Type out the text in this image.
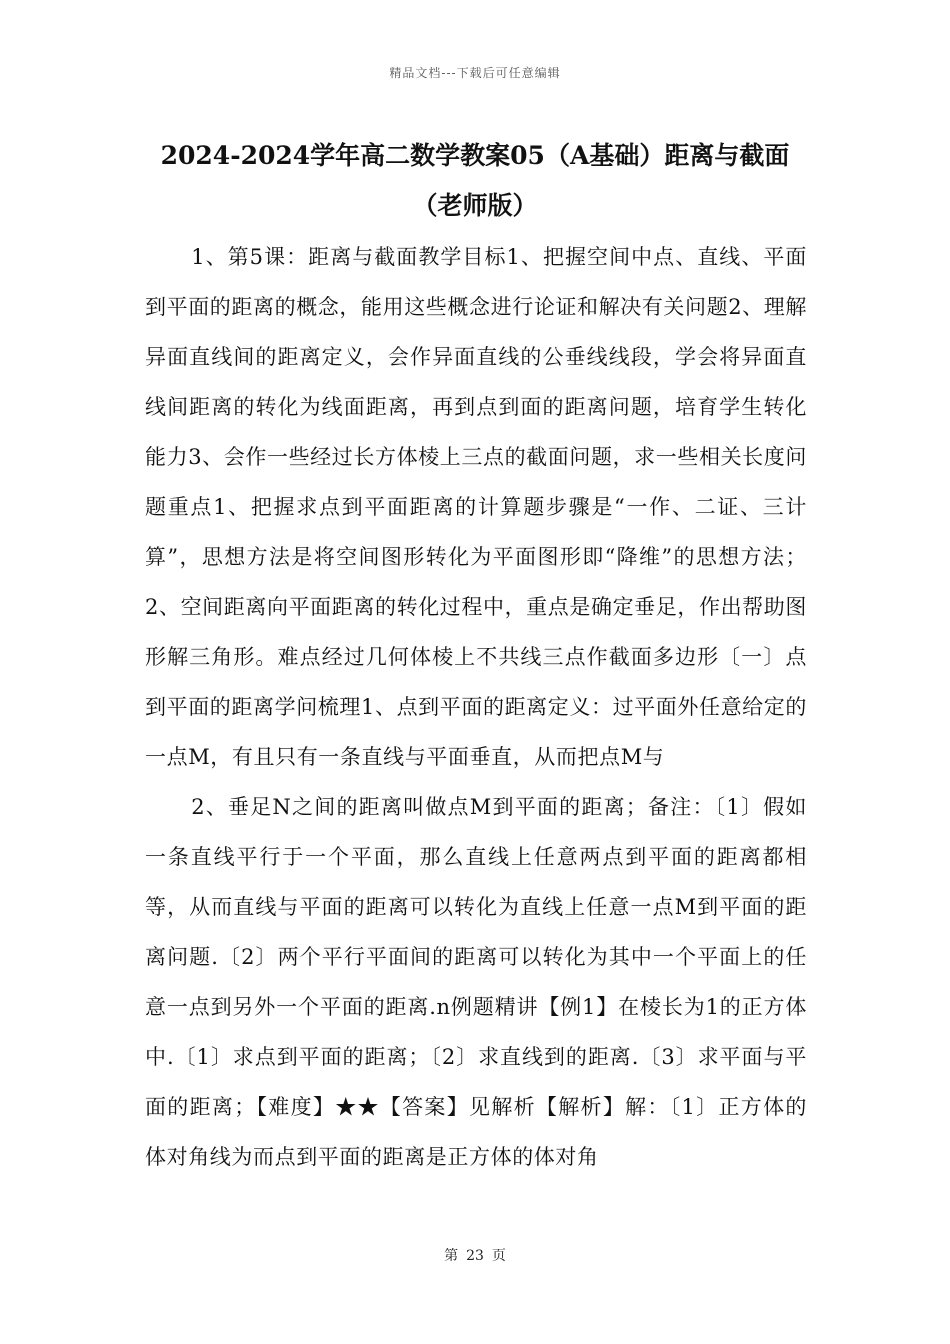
精品文档---下载后可任意编辑
2024-2024学年高二数学教案05（A基础）距离与截面
（老师版）

1、第5课：距离与截面教学目标1、把握空间中点、直线、平面到平面的距离的概念，能用这些概念进行论证和解决有关问题2、理解异面直线间的距离定义，会作异面直线的公垂线线段，学会将异面直线间距离的转化为线面距离，再到点到面的距离问题，培育学生转化能力3、会作一些经过长方体棱上三点的截面问题，求一些相关长度问题重点1、把握求点到平面距离的计算题步骤是“一作、二证、三计算”，思想方法是将空间图形转化为平面图形即“降维”的思想方法；2、空间距离向平面距离的转化过程中，重点是确定垂足，作出帮助图形解三角形。难点经过几何体棱上不共线三点作截面多边形〔一〕点到平面的距离学问梳理1、点到平面的距离定义：过平面外任意给定的一点M，有且只有一条直线与平面垂直，从而把点M与

2、垂足N之间的距离叫做点M到平面的距离；备注：〔1〕假如一条直线平行于一个平面，那么直线上任意两点到平面的距离都相等，从而直线与平面的距离可以转化为直线上任意一点M到平面的距离问题.〔2〕两个平行平面间的距离可以转化为其中一个平面上的任意一点到另外一个平面的距离.n例题精讲【例1】在棱长为1的正方体中.〔1〕求点到平面的距离；〔2〕求直线到的距离.〔3〕求平面与平面的距离；【难度】★★【答案】见解析【解析】解：〔1〕正方体的体对角线为而点到平面的距离是正方体的体对角

第 23 页
